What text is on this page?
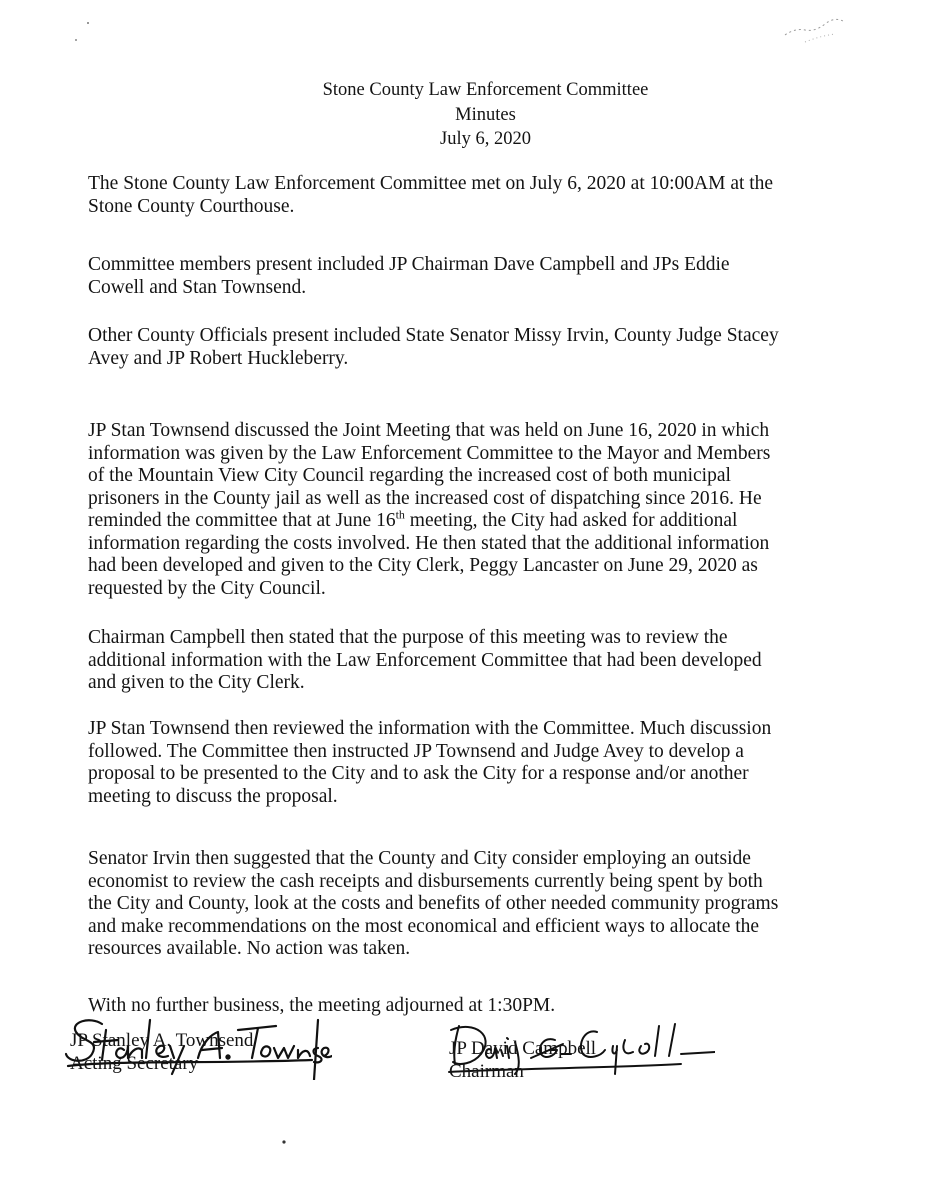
Stone County Law Enforcement Committee
Minutes
July 6, 2020
The Stone County Law Enforcement Committee met on July 6, 2020 at 10:00AM at the Stone County Courthouse.
Committee members present included JP Chairman Dave Campbell and JPs Eddie Cowell and Stan Townsend.
Other County Officials present included State Senator Missy Irvin, County Judge Stacey Avey and JP Robert Huckleberry.
JP Stan Townsend discussed the Joint Meeting that was held on June 16, 2020 in which information was given by the Law Enforcement Committee to the Mayor and Members of the Mountain View City Council regarding the increased cost of both municipal prisoners in the County jail as well as the increased cost of dispatching since 2016. He reminded the committee that at June 16th meeting, the City had asked for additional information regarding the costs involved. He then stated that the additional information had been developed and given to the City Clerk, Peggy Lancaster on June 29, 2020 as requested by the City Council.
Chairman Campbell then stated that the purpose of this meeting was to review the additional information with the Law Enforcement Committee that had been developed and given to the City Clerk.
JP Stan Townsend then reviewed the information with the Committee. Much discussion followed. The Committee then instructed JP Townsend and Judge Avey to develop a proposal to be presented to the City and to ask the City for a response and/or another meeting to discuss the proposal.
Senator Irvin then suggested that the County and City consider employing an outside economist to review the cash receipts and disbursements currently being spent by both the City and County, look at the costs and benefits of other needed community programs and make recommendations on the most economical and efficient ways to allocate the resources available. No action was taken.
With no further business, the meeting adjourned at 1:30PM.
JP Stanley A. Townsend
Acting Secretary
JP David Campbell
Chairman
